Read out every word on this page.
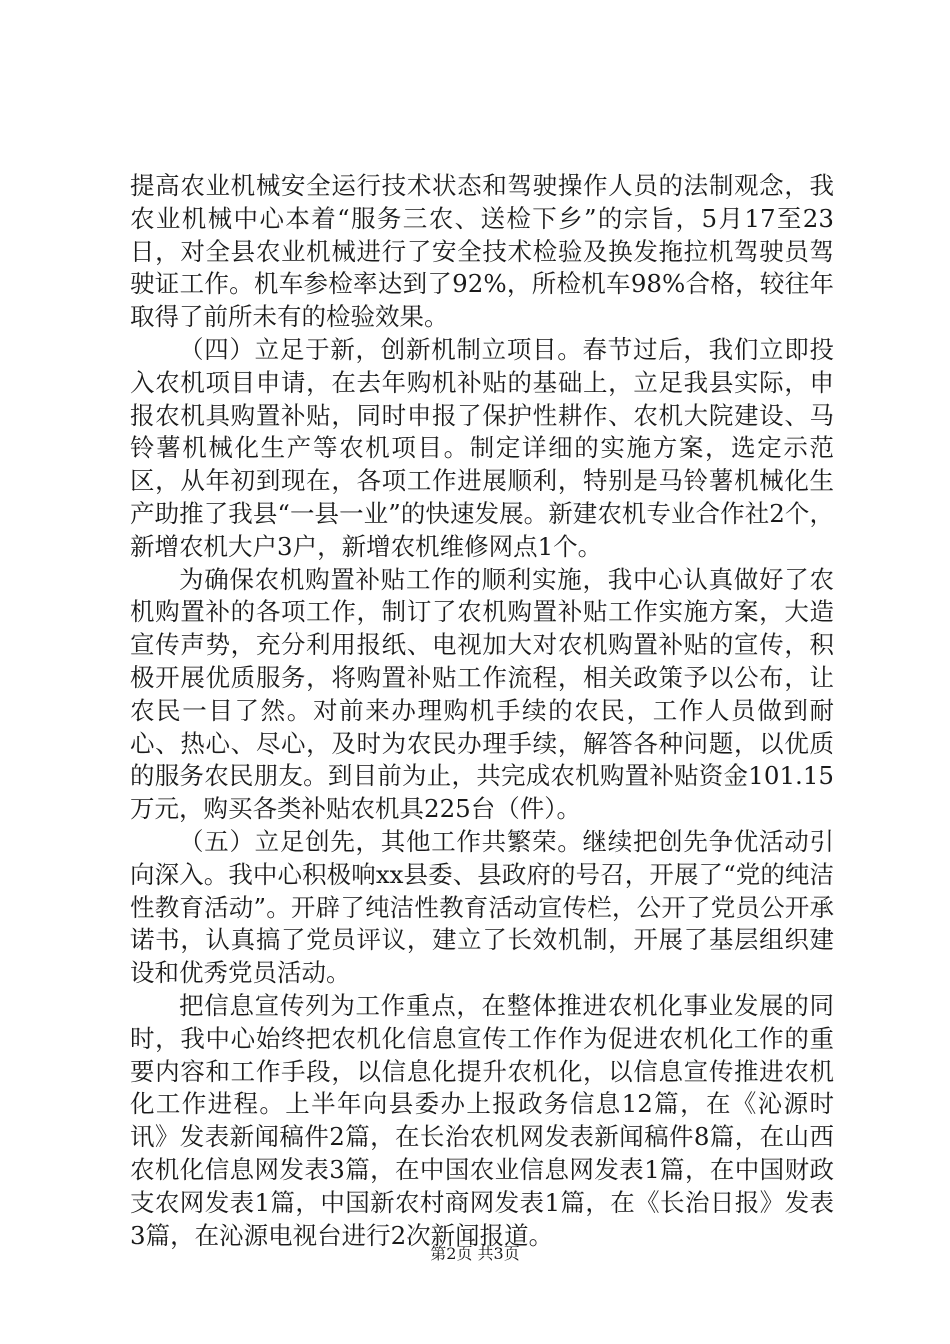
提高农业机械安全运行技术状态和驾驶操作人员的法制观念，我农业机械中心本着“服务三农、送检下乡”的宗旨，5月17至23日，对全县农业机械进行了安全技术检验及换发拖拉机驾驶员驾驶证工作。机车参检率达到了92%，所检机车98%合格，较往年取得了前所未有的检验效果。

（四）立足于新，创新机制立项目。春节过后，我们立即投入农机项目申请，在去年购机补贴的基础上，立足我县实际，申报农机具购置补贴，同时申报了保护性耕作、农机大院建设、马铃薯机械化生产等农机项目。制定详细的实施方案，选定示范区，从年初到现在，各项工作进展顺利，特别是马铃薯机械化生产助推了我县“一县一业”的快速发展。新建农机专业合作社2个，新增农机大户3户，新增农机维修网点1个。

为确保农机购置补贴工作的顺利实施，我中心认真做好了农机购置补的各项工作，制订了农机购置补贴工作实施方案，大造宣传声势，充分利用报纸、电视加大对农机购置补贴的宣传，积极开展优质服务，将购置补贴工作流程，相关政策予以公布，让农民一目了然。对前来办理购机手续的农民，工作人员做到耐心、热心、尽心，及时为农民办理手续，解答各种问题，以优质的服务农民朋友。到目前为止，共完成农机购置补贴资金101.15万元，购买各类补贴农机具225台（件）。

（五）立足创先，其他工作共繁荣。继续把创先争优活动引向深入。我中心积极响xx县委、县政府的号召，开展了“党的纯洁性教育活动”。开辟了纯洁性教育活动宣传栏，公开了党员公开承诺书，认真搞了党员评议，建立了长效机制，开展了基层组织建设和优秀党员活动。

把信息宣传列为工作重点，在整体推进农机化事业发展的同时，我中心始终把农机化信息宣传工作作为促进农机化工作的重要内容和工作手段，以信息化提升农机化，以信息宣传推进农机化工作进程。上半年向县委办上报政务信息12篇，在《沁源时讯》发表新闻稿件2篇，在长治农机网发表新闻稿件8篇，在山西农机化信息网发表3篇，在中国农业信息网发表1篇，在中国财政支农网发表1篇，中国新农村商网发表1篇，在《长治日报》发表3篇，在沁源电视台进行2次新闻报道。

第2页 共3页
